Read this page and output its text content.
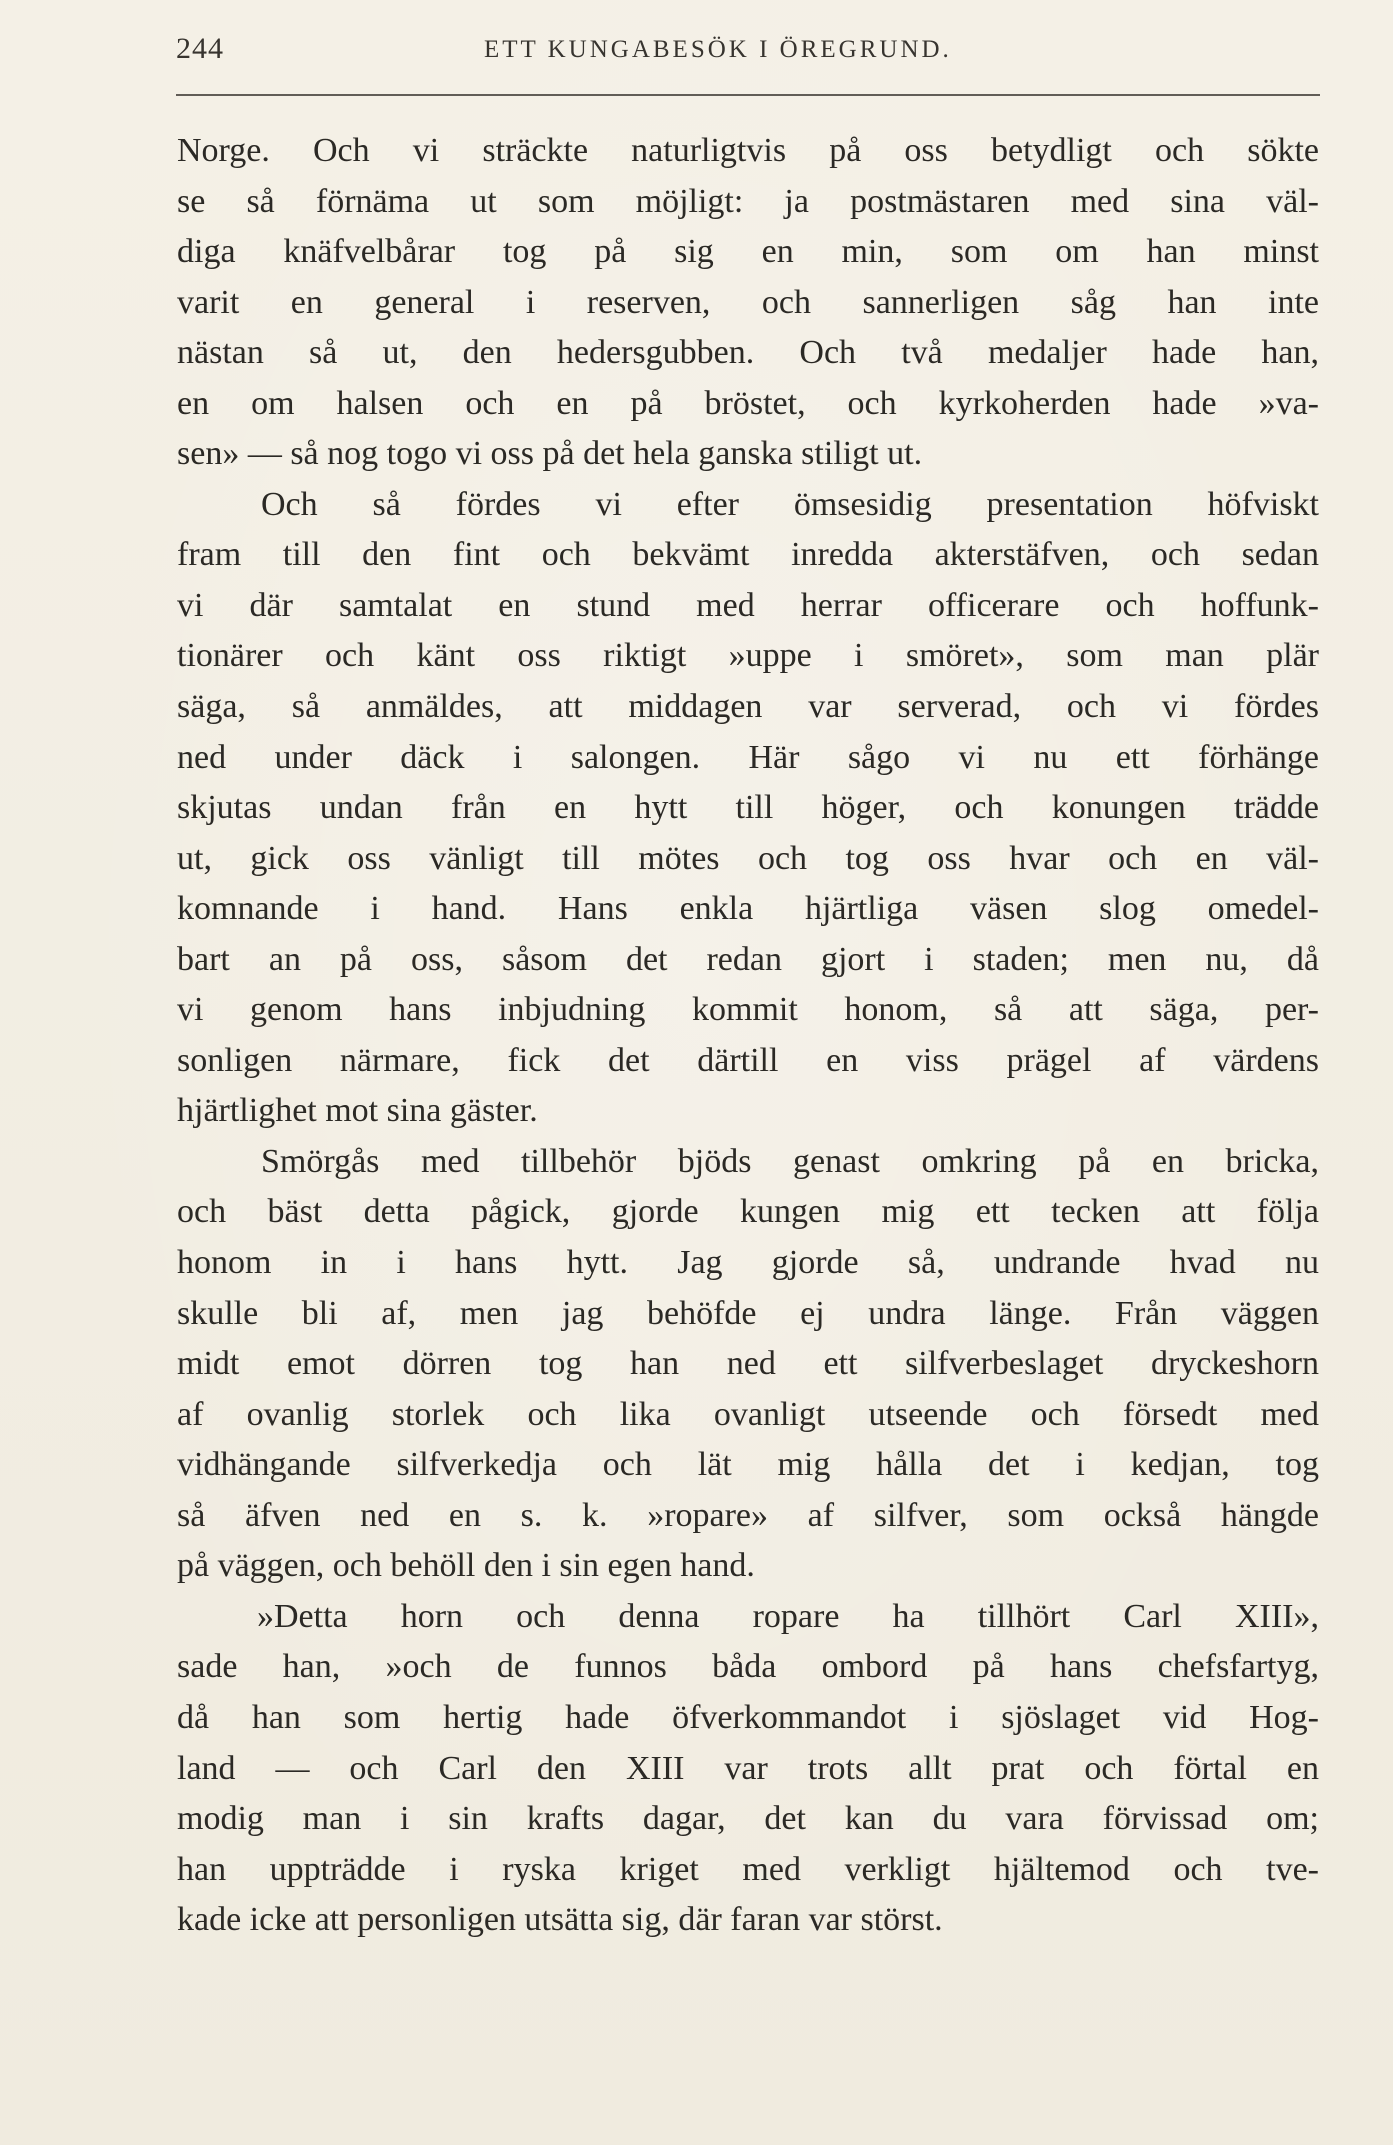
244	ETT KUNGABESÖK I ÖREGRUND.
Norge. Och vi sträckte naturligtvis på oss betydligt och sökte
se så förnäma ut som möjligt: ja postmästaren med sina väl-
diga knäfvelbårar tog på sig en min, som om han minst
varit en general i reserven, och sannerligen såg han inte
nästan så ut, den hedersgubben. Och två medaljer hade han,
en om halsen och en på bröstet, och kyrkoherden hade »va-
sen» — så nog togo vi oss på det hela ganska stiligt ut.
Och så fördes vi efter ömsesidig presentation höfviskt
fram till den fint och bekvämt inredda akterstäfven, och sedan
vi där samtalat en stund med herrar officerare och hoffunk-
tionärer och känt oss riktigt »uppe i smöret», som man plär
säga, så anmäldes, att middagen var serverad, och vi fördes
ned under däck i salongen. Här sågo vi nu ett förhänge
skjutas undan från en hytt till höger, och konungen trädde
ut, gick oss vänligt till mötes och tog oss hvar och en väl-
komnande i hand. Hans enkla hjärtliga väsen slog omedel-
bart an på oss, såsom det redan gjort i staden; men nu, då
vi genom hans inbjudning kommit honom, så att säga, per-
sonligen närmare, fick det därtill en viss prägel af värdens
hjärtlighet mot sina gäster.
Smörgås med tillbehör bjöds genast omkring på en bricka,
och bäst detta pågick, gjorde kungen mig ett tecken att följa
honom in i hans hytt. Jag gjorde så, undrande hvad nu
skulle bli af, men jag behöfde ej undra länge. Från väggen
midt emot dörren tog han ned ett silfverbeslaget dryckeshorn
af ovanlig storlek och lika ovanligt utseende och försedt med
vidhängande silfverkedja och lät mig hålla det i kedjan, tog
så äfven ned en s. k. »ropare» af silfver, som också hängde
på väggen, och behöll den i sin egen hand.
»Detta horn och denna ropare ha tillhört Carl XIII»,
sade han, »och de funnos båda ombord på hans chefsfartyg,
då han som hertig hade öfverkommandot i sjöslaget vid Hog-
land — och Carl den XIII var trots allt prat och förtal en
modig man i sin krafts dagar, det kan du vara förvissad om;
han uppträdde i ryska kriget med verkligt hjältemod och tve-
kade icke att personligen utsätta sig, där faran var störst.
